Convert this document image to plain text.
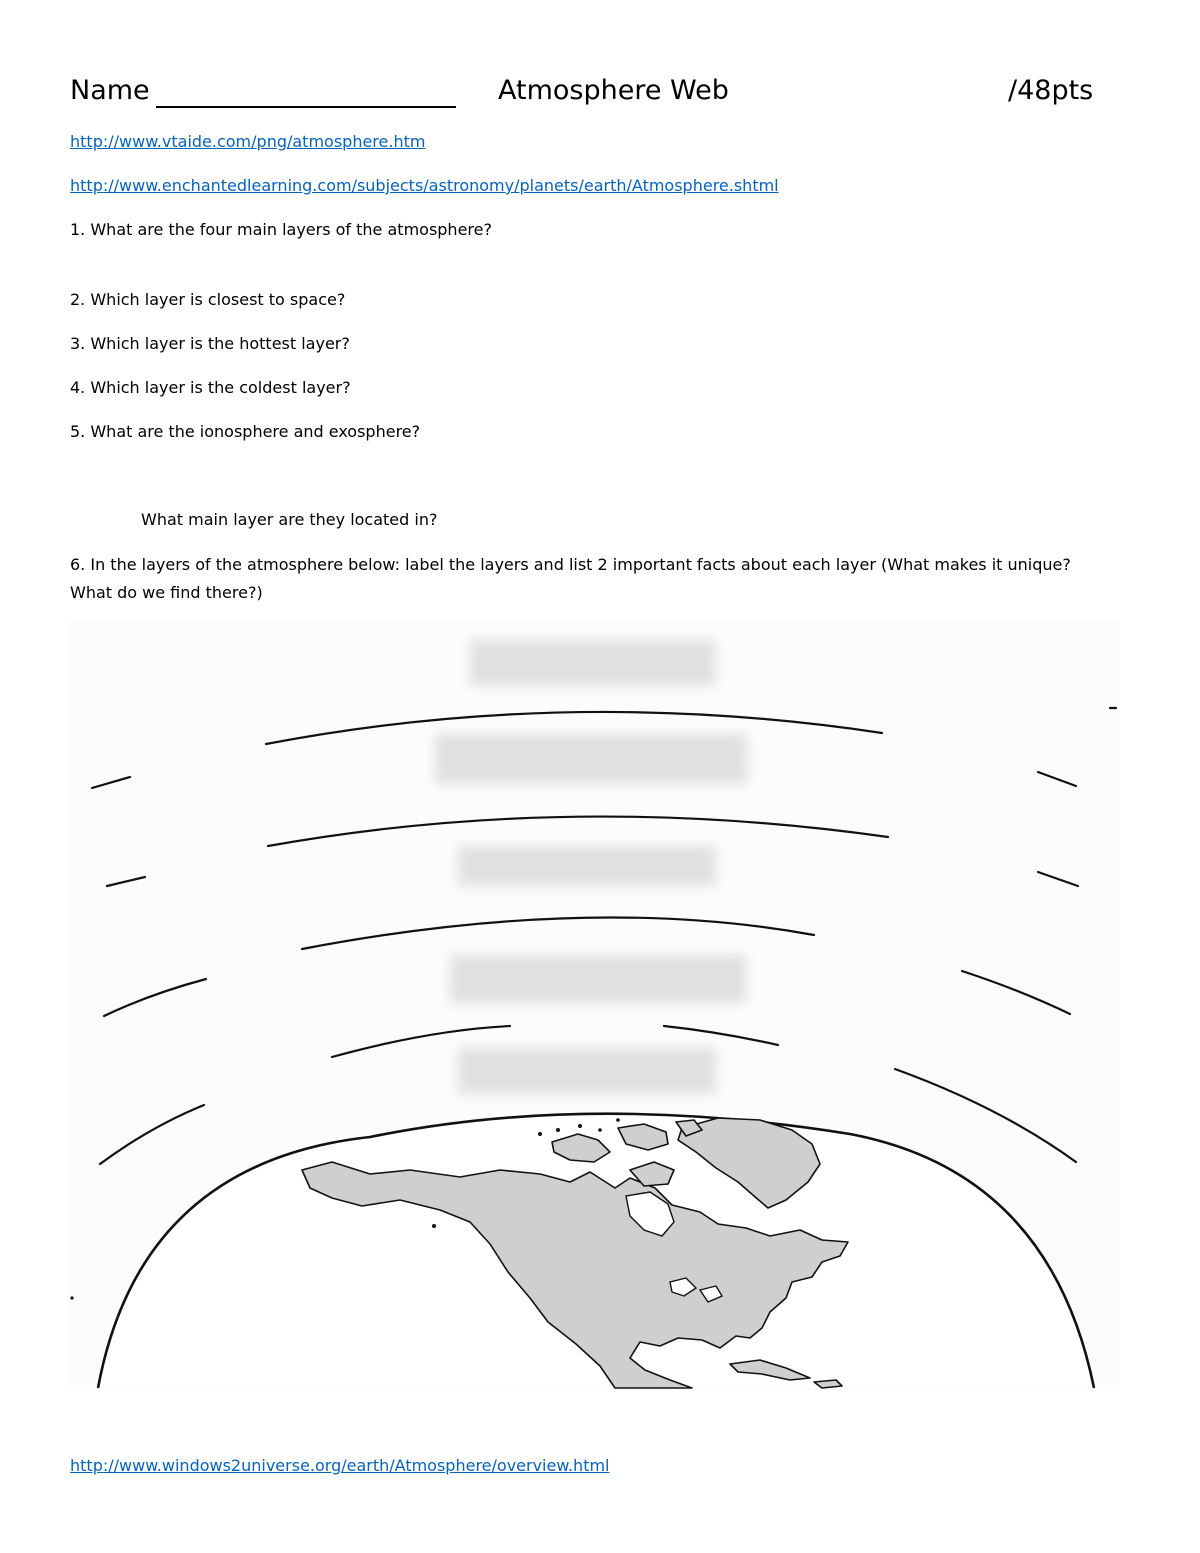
Name	Atmosphere Web	/48pts
http://www.vtaide.com/png/atmosphere.htm
http://www.enchantedlearning.com/subjects/astronomy/planets/earth/Atmosphere.shtml
1. What are the four main layers of the atmosphere?
2. Which layer is closest to space?
3. Which layer is the hottest layer?
4. Which layer is the coldest layer?
5. What are the ionosphere and exosphere?
What main layer are they located in?
6. In the layers of the atmosphere below: label the layers and list 2 important facts about each layer (What makes it unique? What do we find there?)
http://www.windows2universe.org/earth/Atmosphere/overview.html
